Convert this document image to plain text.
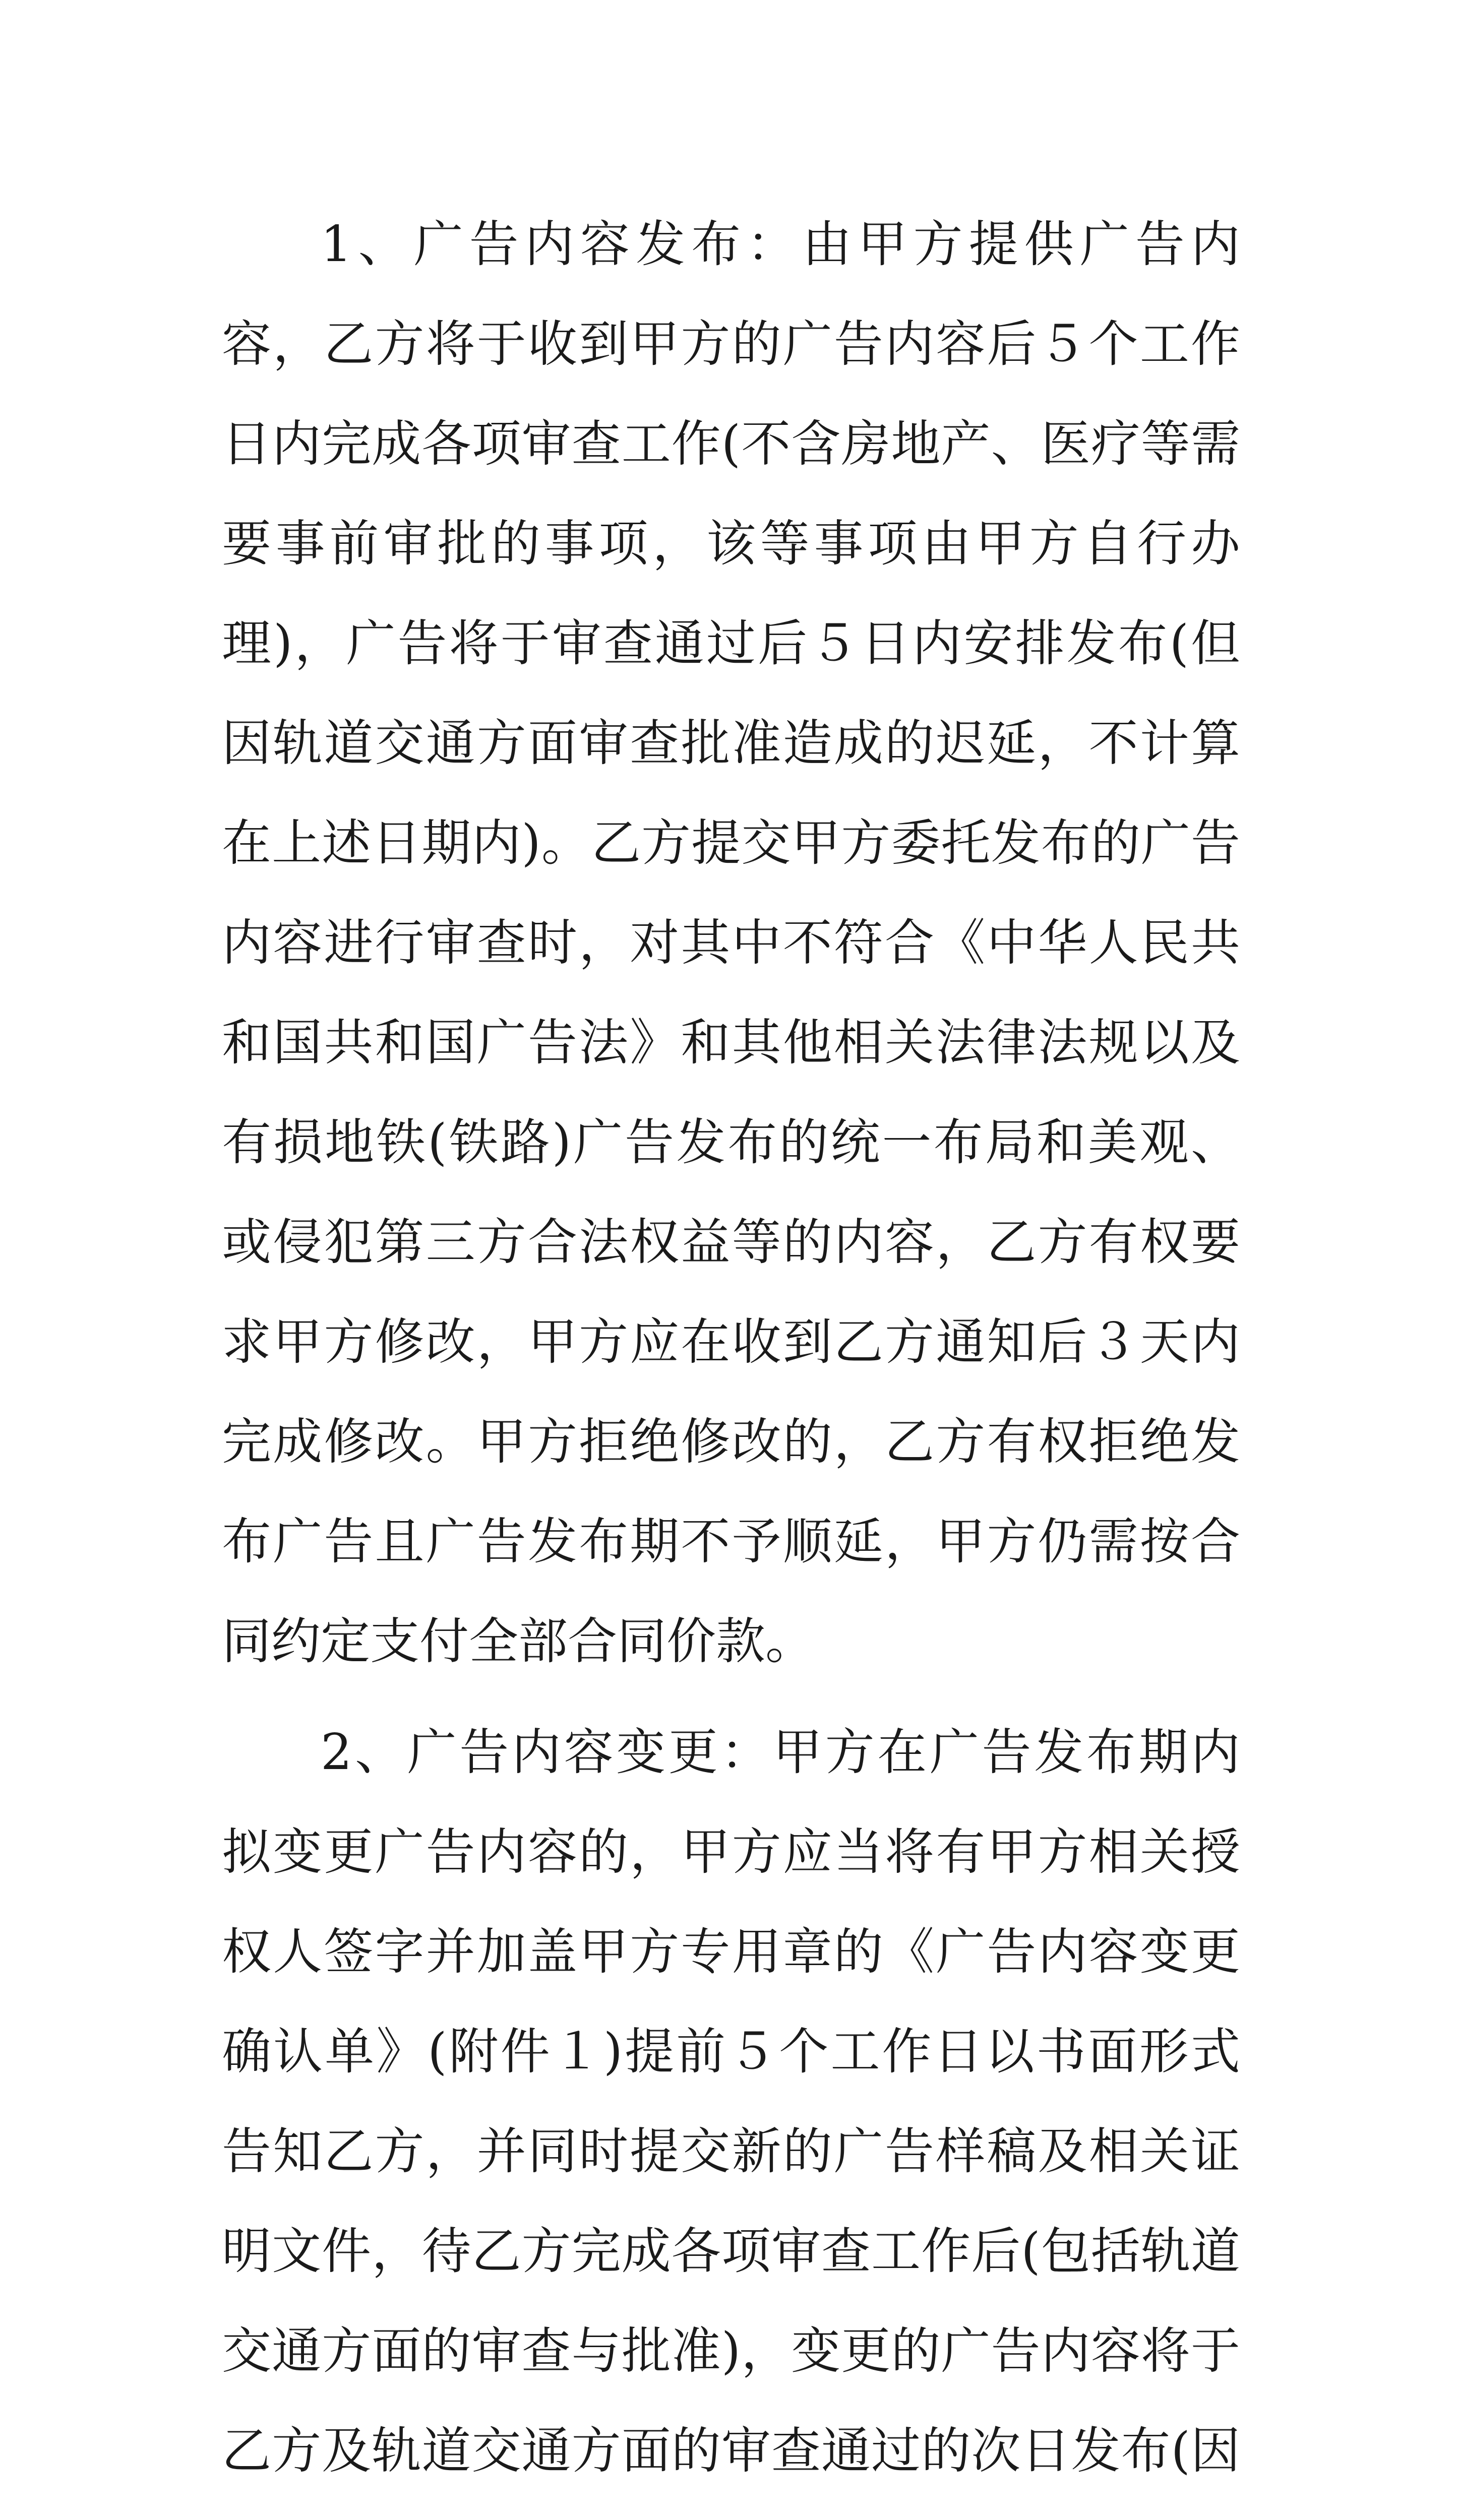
1、广告内容发布：由甲方提供广告内容，乙方将于收到甲方的广告内容后５个工作日内完成各项审查工作(不含房地产、医疗等需要事前审批的事项，该等事项由甲方自行办理)，广告将于审查通过后５日内安排发布(但因轨道交通方面审查批准造成的迟延，不计算在上述日期内)。乙方提交甲方委托发布的广告内容进行审查时，对其中不符合《中华人民共和国共和国广告法》和其他相关法律法规以及有损地铁(铁路)广告发布的统一布局和美观、或侵犯第三方合法权益等的内容，乙方有权要求甲方修改，甲方应在收到乙方通知后３天内完成修改。甲方拒绝修改的，乙方有权拒绝发布广告且广告发布期不予顺延，甲方仍需按合同约定支付全部合同价款。

2、广告内容变更：甲方在广告发布期内拟变更广告内容的，甲方应当将有甲方相关授权人签字并加盖甲方专用章的《广告内容变更确认单》(附件１)提前５个工作日以书面形式告知乙方，并同时提交新的广告样稿及相关证明文件，待乙方完成各项审查工作后(包括轨道交通方面的审查与批准)，变更的广告内容将于乙方及轨道交通方面的审查通过的次日发布(因
